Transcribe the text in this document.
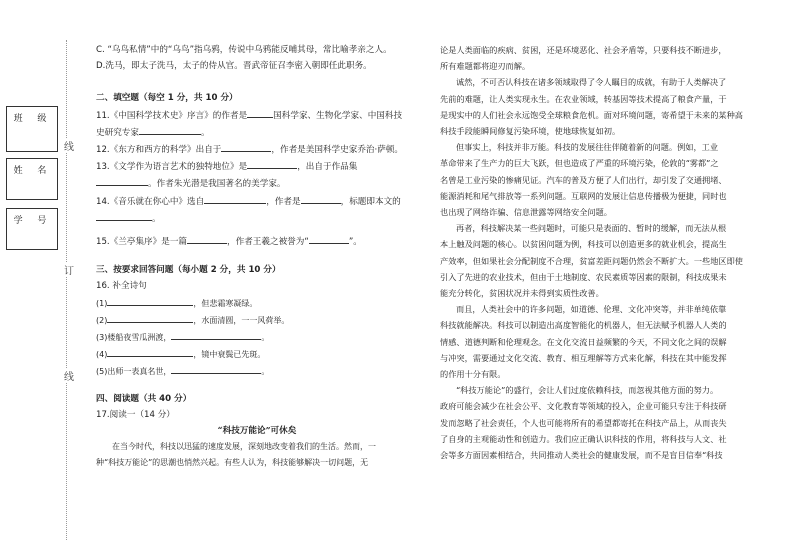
线
订
线
班 级
姓 名
学 号
C. “乌鸟私情”中的“乌鸟”指乌鸦，传说中乌鸦能反哺其母，常比喻孝亲之人。
D.洗马，即太子洗马，太子的侍从官。晋武帝征召李密入朝即任此职务。
二、填空题（每空 1 分，共 10 分）
11.《中国科学技术史》序言》的作者是	国科学家、生物化学家、中国科技
史研究专家	。
12.《东方和西方的科学》出自于	，作者是美国科学史家乔治·萨顿。
13.《文学作为语言艺术的独特地位》是	，出自于作品集
。作者朱光潜是我国著名的美学家。
14.《音乐就在你心中》选自	，作者是	，标题即本文的
。
15.《兰亭集序》是一篇	，作者王羲之被誉为“	”。
三、按要求回答问题（每小题 2 分，共 10 分）
16. 补全诗句
(1)	，但悲霜寒凝绿。
(2)	，水面清圆，一一风荷举。
(3)楼船夜雪瓜洲渡，	。
(4)	，镜中衰鬓已先斑。
(5)出师一表真名世，	。
四、阅读题（共 40 分）
17.阅读一（14 分）
“科技万能论”可休矣
在当今时代，科技以迅猛的速度发展，深刻地改变着我们的生活。然而，一
种“科技万能论”的思潮也悄然兴起。有些人认为，科技能够解决一切问题，无
论是人类面临的疾病、贫困，还是环境恶化、社会矛盾等，只要科技不断进步，
所有难题都将迎刃而解。
诚然，不可否认科技在诸多领域取得了令人瞩目的成就，有助于人类解决了
先前的难题，让人类实现永生。在农业领域，转基因等技术提高了粮食产量，于
是现实中的人们社会永远饱受全球粮食危机。面对环境问题，寄希望于未来的某种高
科技手段能瞬间修复污染环境，使地球恢复如初。
但事实上，科技并非万能。科技的发展往往伴随着新的问题。例如，工业
革命带来了生产力的巨大飞跃，但也造成了严重的环境污染，伦敦的“雾都”之
名曾是工业污染的惨痛见证。汽车的普及方便了人们出行，却引发了交通拥堵、
能源消耗和尾气排放等一系列问题。互联网的发展让信息传播极为便捷，同时也
也出现了网络诈骗、信息泄露等网络安全问题。
再者，科技解决某一些问题时，可能只是表面的、暂时的缓解，而无法从根
本上触及问题的核心。以贫困问题为例，科技可以创造更多的就业机会，提高生
产效率，但如果社会分配制度不合理，贫富差距问题仍然会不断扩大。一些地区即使
引入了先进的农业技术，但由于土地制度、农民素质等因素的限制，科技成果未
能充分转化，贫困状况并未得到实质性改善。
而且，人类社会中的许多问题，如道德、伦理、文化冲突等，并非单纯依靠
科技就能解决。科技可以制造出高度智能化的机器人，但无法赋予机器人人类的
情感、道德判断和伦理观念。在文化交流日益频繁的今天，不同文化之间的误解
与冲突，需要通过文化交流、教育、相互理解等方式来化解，科技在其中能发挥
的作用十分有限。
“科技万能论”的盛行，会让人们过度依赖科技，而忽视其他方面的努力。
政府可能会减少在社会公平、文化教育等领域的投入，企业可能只专注于科技研
发而忽略了社会责任，个人也可能将所有的希望都寄托在科技产品上，从而丧失
了自身的主观能动性和创造力。我们应正确认识科技的作用，将科技与人文、社
会等多方面因素相结合，共同推动人类社会的健康发展，而不是盲目信奉“科技
